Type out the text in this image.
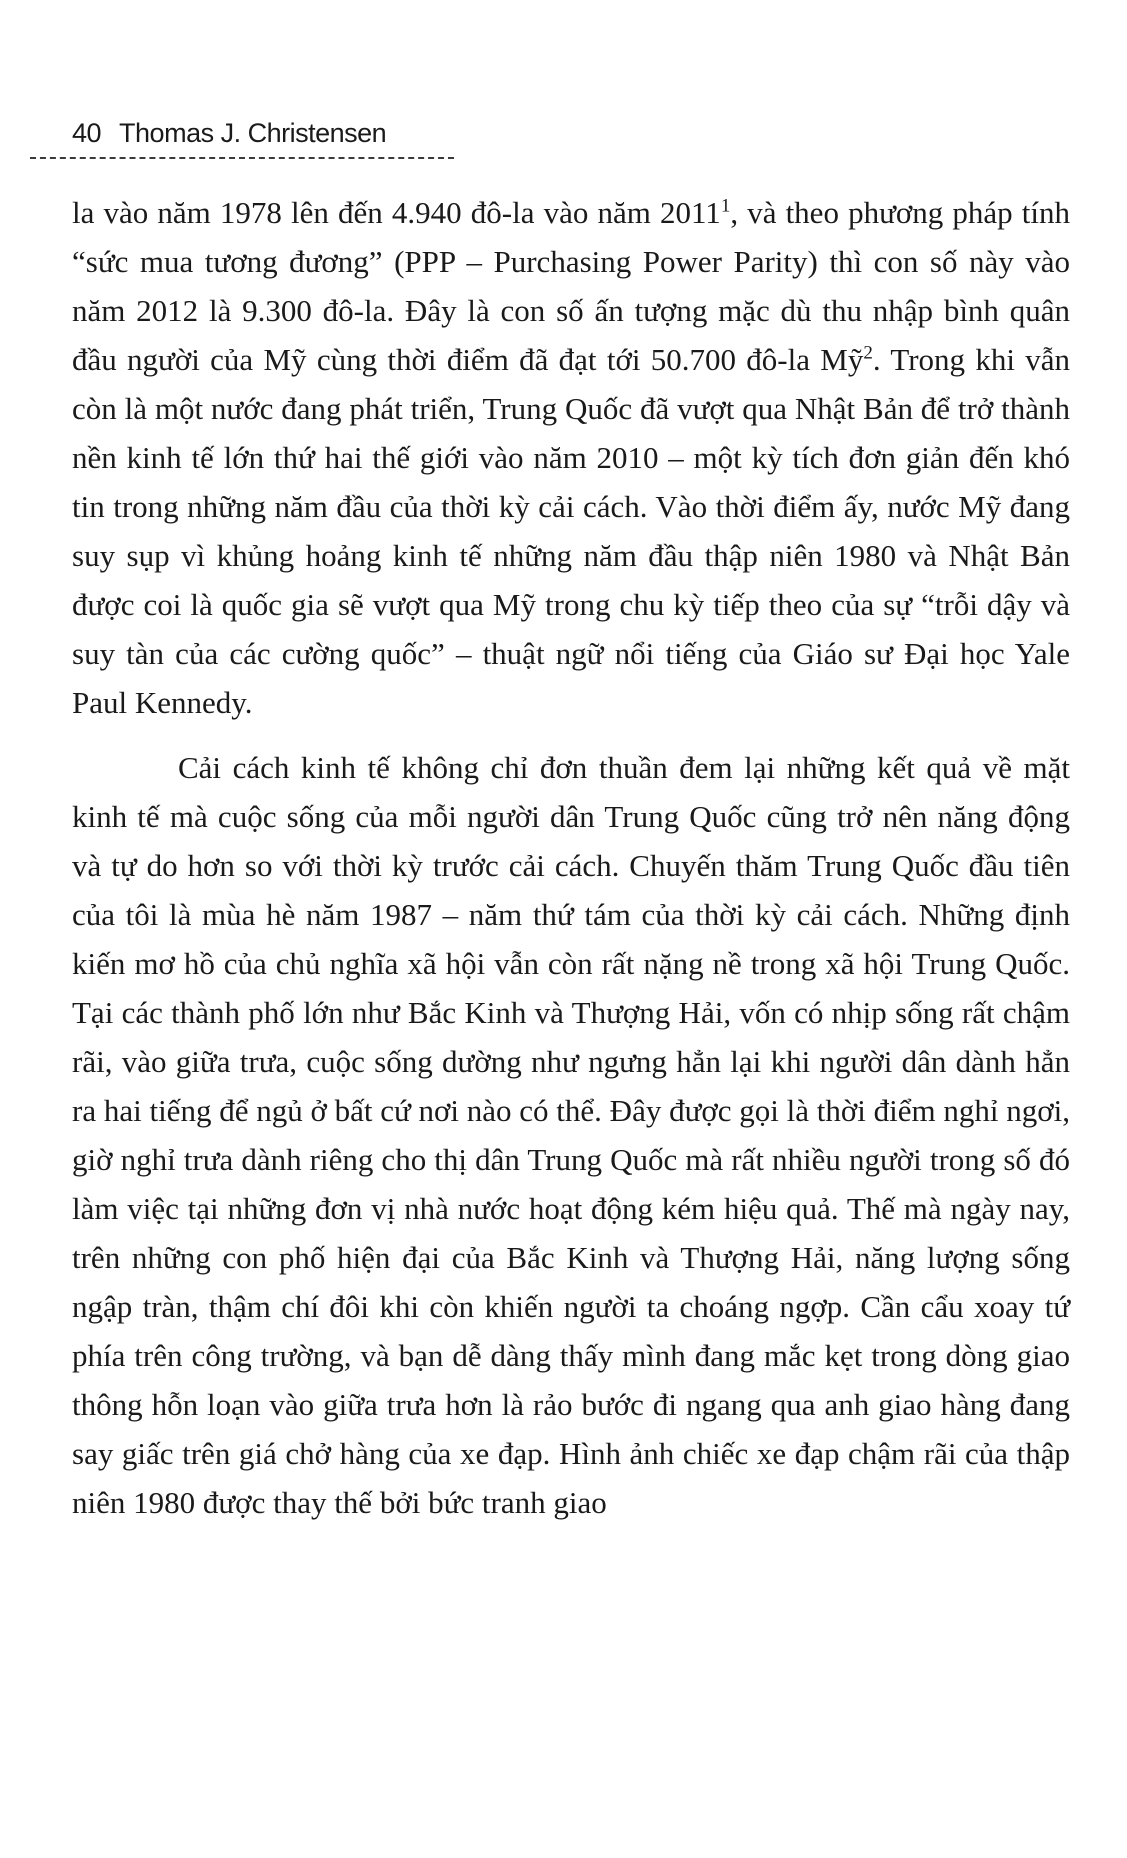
40 Thomas J. Christensen

la vào năm 1978 lên đến 4.940 đô-la vào năm 2011$^1$, và theo phương pháp tính “sức mua tương đương” (PPP – Purchasing Power Parity) thì con số này vào năm 2012 là 9.300 đô-la. Đây là con số ấn tượng mặc dù thu nhập bình quân đầu người của Mỹ cùng thời điểm đã đạt tới 50.700 đô-la Mỹ$^2$. Trong khi vẫn còn là một nước đang phát triển, Trung Quốc đã vượt qua Nhật Bản để trở thành nền kinh tế lớn thứ hai thế giới vào năm 2010 – một kỳ tích đơn giản đến khó tin trong những năm đầu của thời kỳ cải cách. Vào thời điểm ấy, nước Mỹ đang suy sụp vì khủng hoảng kinh tế những năm đầu thập niên 1980 và Nhật Bản được coi là quốc gia sẽ vượt qua Mỹ trong chu kỳ tiếp theo của sự “trỗi dậy và suy tàn của các cường quốc” – thuật ngữ nổi tiếng của Giáo sư Đại học Yale Paul Kennedy.

Cải cách kinh tế không chỉ đơn thuần đem lại những kết quả về mặt kinh tế mà cuộc sống của mỗi người dân Trung Quốc cũng trở nên năng động và tự do hơn so với thời kỳ trước cải cách. Chuyến thăm Trung Quốc đầu tiên của tôi là mùa hè năm 1987 – năm thứ tám của thời kỳ cải cách. Những định kiến mơ hồ của chủ nghĩa xã hội vẫn còn rất nặng nề trong xã hội Trung Quốc. Tại các thành phố lớn như Bắc Kinh và Thượng Hải, vốn có nhịp sống rất chậm rãi, vào giữa trưa, cuộc sống dường như ngưng hẳn lại khi người dân dành hẳn ra hai tiếng để ngủ ở bất cứ nơi nào có thể. Đây được gọi là thời điểm nghỉ ngơi, giờ nghỉ trưa dành riêng cho thị dân Trung Quốc mà rất nhiều người trong số đó làm việc tại những đơn vị nhà nước hoạt động kém hiệu quả. Thế mà ngày nay, trên những con phố hiện đại của Bắc Kinh và Thượng Hải, năng lượng sống ngập tràn, thậm chí đôi khi còn khiến người ta choáng ngợp. Cần cẩu xoay tứ phía trên công trường, và bạn dễ dàng thấy mình đang mắc kẹt trong dòng giao thông hỗn loạn vào giữa trưa hơn là rảo bước đi ngang qua anh giao hàng đang say giấc trên giá chở hàng của xe đạp. Hình ảnh chiếc xe đạp chậm rãi của thập niên 1980 được thay thế bởi bức tranh giao
